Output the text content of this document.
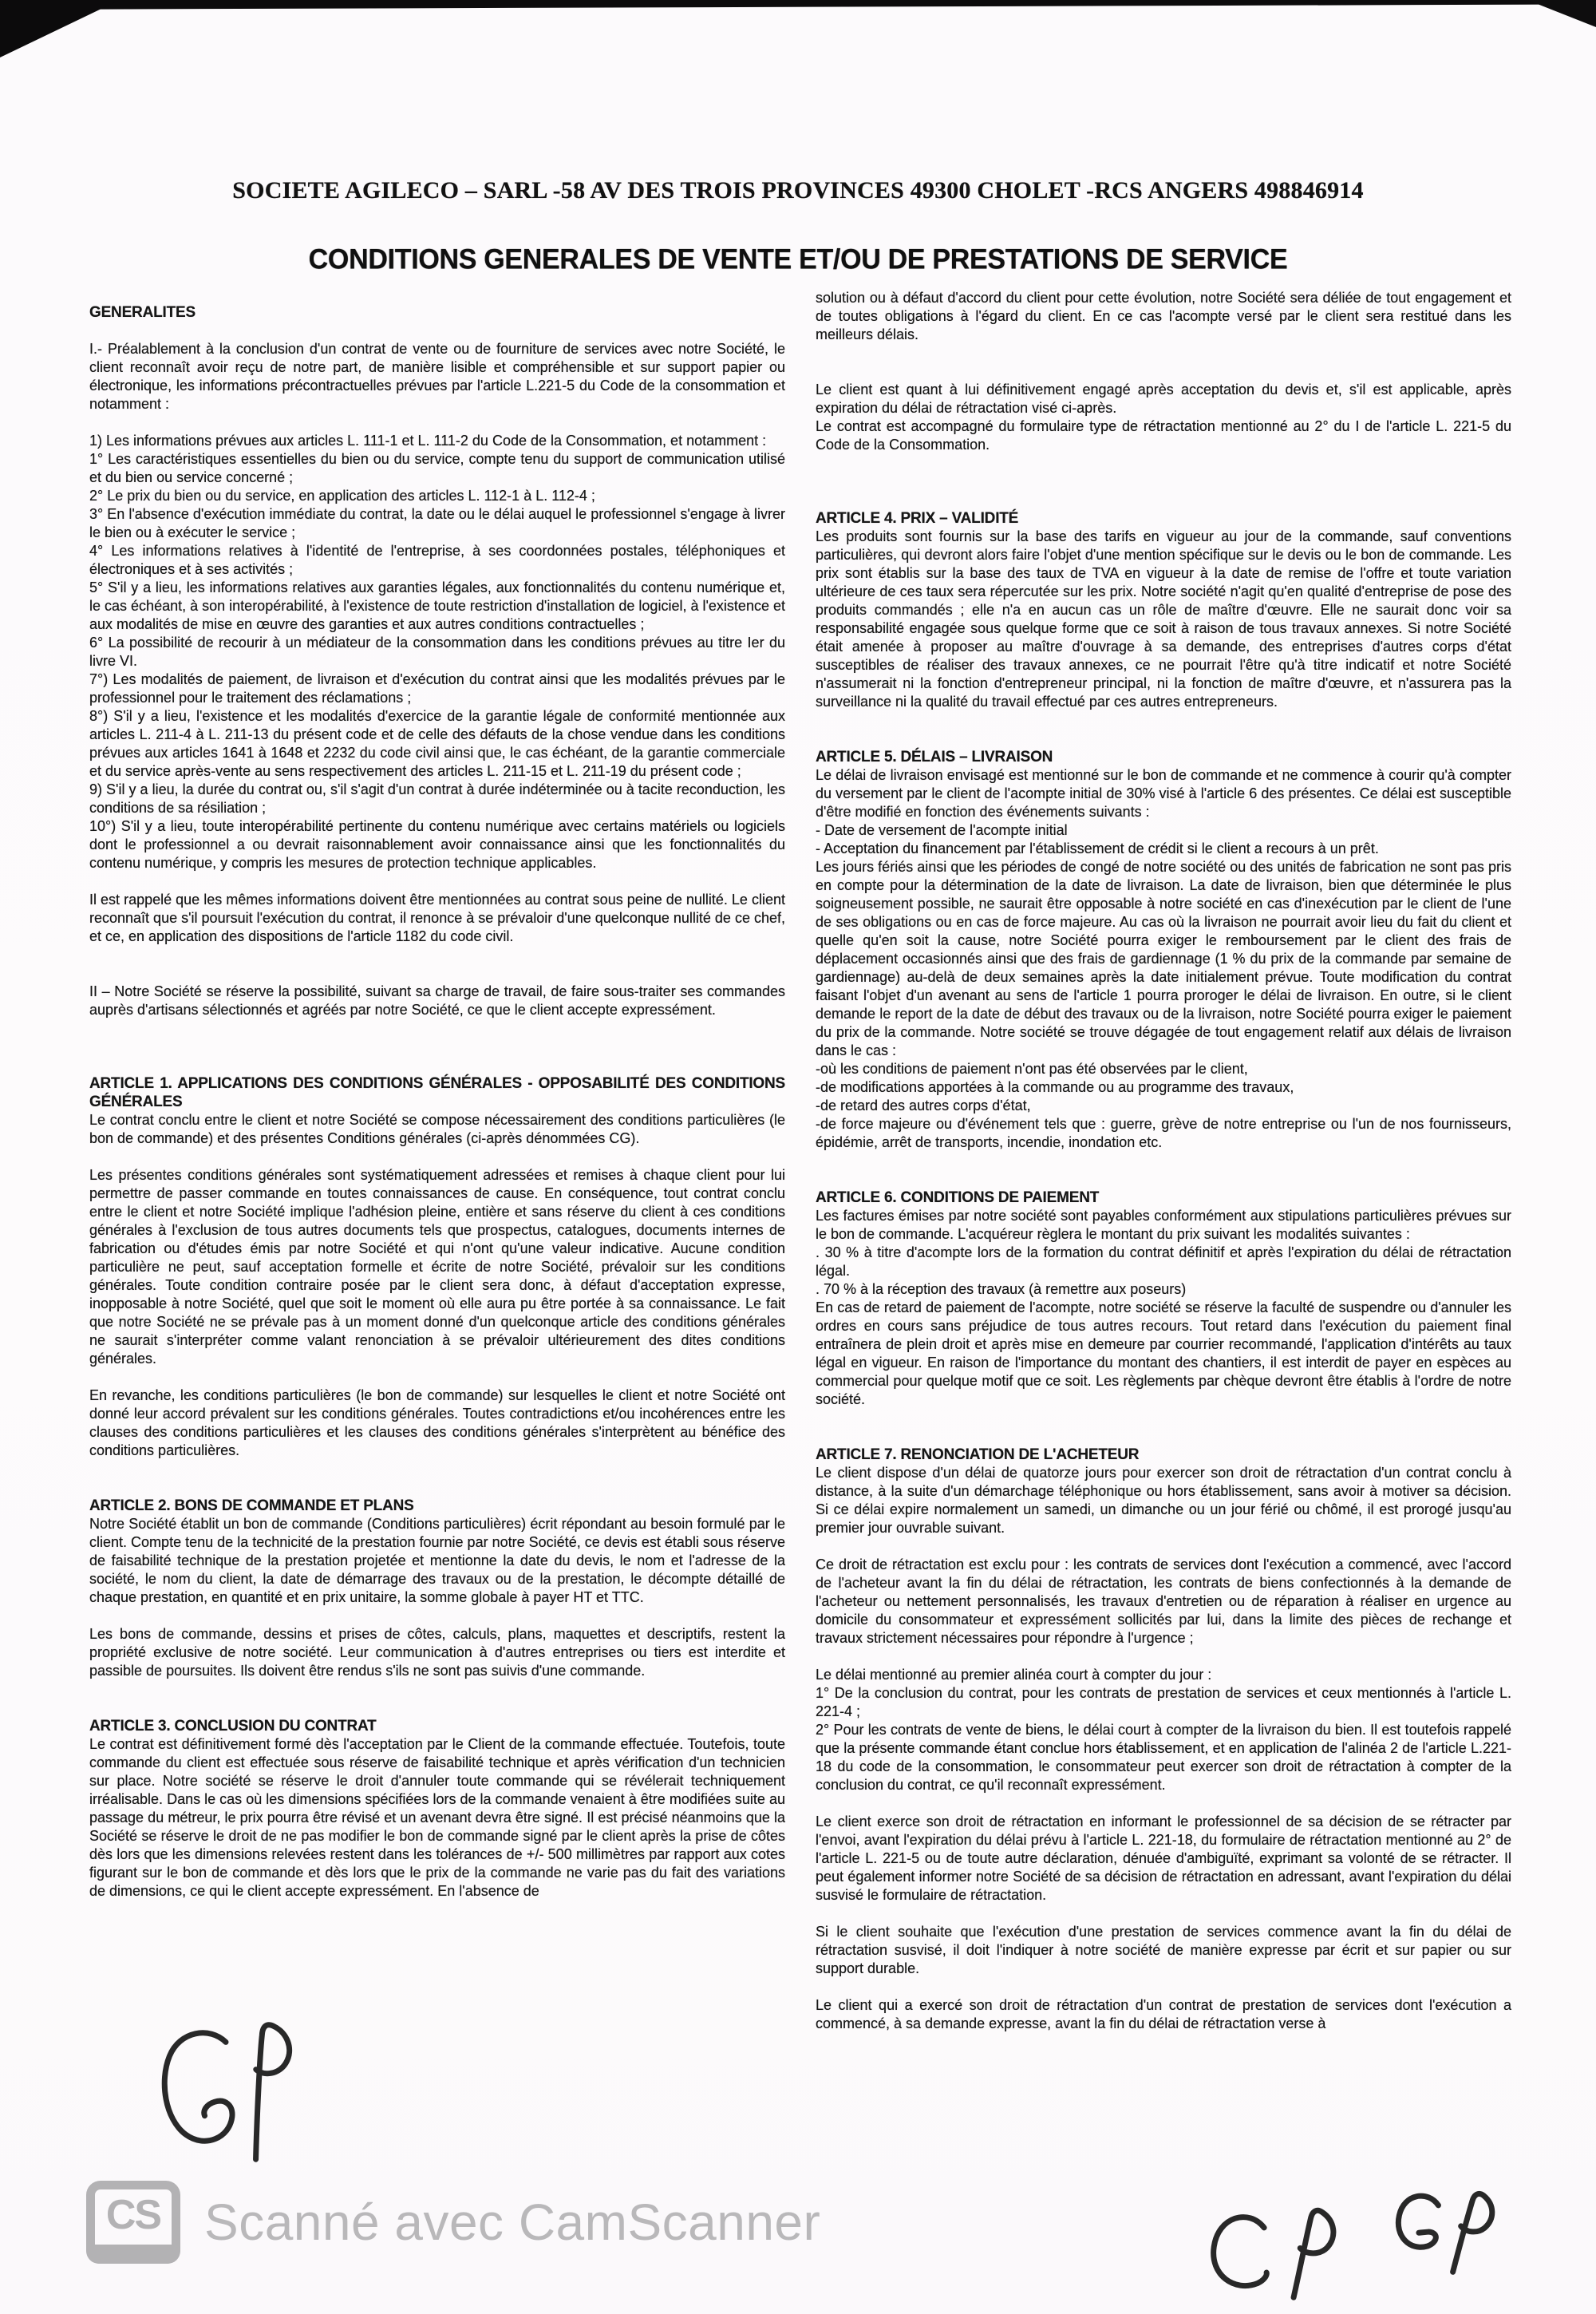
SOCIETE AGILECO – SARL -58 AV DES TROIS PROVINCES 49300 CHOLET -RCS ANGERS 498846914
CONDITIONS GENERALES DE VENTE ET/OU DE PRESTATIONS DE SERVICE
GENERALITES
I.- Préalablement à la conclusion d'un contrat de vente ou de fourniture de services avec notre Société, le client reconnaît avoir reçu de notre part, de manière lisible et compréhensible et sur support papier ou électronique, les informations précontractuelles prévues par l'article L.221-5 du Code de la consommation et notamment :
1) Les informations prévues aux articles L. 111-1 et L. 111-2 du Code de la Consommation, et notamment :
1° Les caractéristiques essentielles du bien ou du service, compte tenu du support de communication utilisé et du bien ou service concerné ;
2° Le prix du bien ou du service, en application des articles L. 112-1 à L. 112-4 ;
3° En l'absence d'exécution immédiate du contrat, la date ou le délai auquel le professionnel s'engage à livrer le bien ou à exécuter le service ;
4° Les informations relatives à l'identité de l'entreprise, à ses coordonnées postales, téléphoniques et électroniques et à ses activités ;
5° S'il y a lieu, les informations relatives aux garanties légales, aux fonctionnalités du contenu numérique et, le cas échéant, à son interopérabilité, à l'existence de toute restriction d'installation de logiciel, à l'existence et aux modalités de mise en œuvre des garanties et aux autres conditions contractuelles ;
6° La possibilité de recourir à un médiateur de la consommation dans les conditions prévues au titre Ier du livre VI.
7°) Les modalités de paiement, de livraison et d'exécution du contrat ainsi que les modalités prévues par le professionnel pour le traitement des réclamations ;
8°) S'il y a lieu, l'existence et les modalités d'exercice de la garantie légale de conformité mentionnée aux articles L. 211-4 à L. 211-13 du présent code et de celle des défauts de la chose vendue dans les conditions prévues aux articles 1641 à 1648 et 2232 du code civil ainsi que, le cas échéant, de la garantie commerciale et du service après-vente au sens respectivement des articles L. 211-15 et L. 211-19 du présent code ;
9) S'il y a lieu, la durée du contrat ou, s'il s'agit d'un contrat à durée indéterminée ou à tacite reconduction, les conditions de sa résiliation ;
10°) S'il y a lieu, toute interopérabilité pertinente du contenu numérique avec certains matériels ou logiciels dont le professionnel a ou devrait raisonnablement avoir connaissance ainsi que les fonctionnalités du contenu numérique, y compris les mesures de protection technique applicables.
Il est rappelé que les mêmes informations doivent être mentionnées au contrat sous peine de nullité. Le client reconnaît que s'il poursuit l'exécution du contrat, il renonce à se prévaloir d'une quelconque nullité de ce chef, et ce, en application des dispositions de l'article 1182 du code civil.
II – Notre Société se réserve la possibilité, suivant sa charge de travail, de faire sous-traiter ses commandes auprès d'artisans sélectionnés et agréés par notre Société, ce que le client accepte expressément.
ARTICLE 1. APPLICATIONS DES CONDITIONS GÉNÉRALES - OPPOSABILITÉ DES CONDITIONS GÉNÉRALES
Le contrat conclu entre le client et notre Société se compose nécessairement des conditions particulières (le bon de commande) et des présentes Conditions générales (ci-après dénommées CG).
Les présentes conditions générales sont systématiquement adressées et remises à chaque client pour lui permettre de passer commande en toutes connaissances de cause. En conséquence, tout contrat conclu entre le client et notre Société implique l'adhésion pleine, entière et sans réserve du client à ces conditions générales à l'exclusion de tous autres documents tels que prospectus, catalogues, documents internes de fabrication ou d'études émis par notre Société et qui n'ont qu'une valeur indicative. Aucune condition particulière ne peut, sauf acceptation formelle et écrite de notre Société, prévaloir sur les conditions générales. Toute condition contraire posée par le client sera donc, à défaut d'acceptation expresse, inopposable à notre Société, quel que soit le moment où elle aura pu être portée à sa connaissance. Le fait que notre Société ne se prévale pas à un moment donné d'un quelconque article des conditions générales ne saurait s'interpréter comme valant renonciation à se prévaloir ultérieurement des dites conditions générales.
En revanche, les conditions particulières (le bon de commande) sur lesquelles le client et notre Société ont donné leur accord prévalent sur les conditions générales. Toutes contradictions et/ou incohérences entre les clauses des conditions particulières et les clauses des conditions générales s'interprètent au bénéfice des conditions particulières.
ARTICLE 2. BONS DE COMMANDE ET PLANS
Notre Société établit un bon de commande (Conditions particulières) écrit répondant au besoin formulé par le client. Compte tenu de la technicité de la prestation fournie par notre Société, ce devis est établi sous réserve de faisabilité technique de la prestation projetée et mentionne la date du devis, le nom et l'adresse de la société, le nom du client, la date de démarrage des travaux ou de la prestation, le décompte détaillé de chaque prestation, en quantité et en prix unitaire, la somme globale à payer HT et TTC.
Les bons de commande, dessins et prises de côtes, calculs, plans, maquettes et descriptifs, restent la propriété exclusive de notre société. Leur communication à d'autres entreprises ou tiers est interdite et passible de poursuites. Ils doivent être rendus s'ils ne sont pas suivis d'une commande.
ARTICLE 3. CONCLUSION DU CONTRAT
Le contrat est définitivement formé dès l'acceptation par le Client de la commande effectuée. Toutefois, toute commande du client est effectuée sous réserve de faisabilité technique et après vérification d'un technicien sur place. Notre société se réserve le droit d'annuler toute commande qui se révélerait techniquement irréalisable. Dans le cas où les dimensions spécifiées lors de la commande venaient à être modifiées suite au passage du métreur, le prix pourra être révisé et un avenant devra être signé. Il est précisé néanmoins que la Société se réserve le droit de ne pas modifier le bon de commande signé par le client après la prise de côtes dès lors que les dimensions relevées restent dans les tolérances de +/- 500 millimètres par rapport aux cotes figurant sur le bon de commande et dès lors que le prix de la commande ne varie pas du fait des variations de dimensions, ce qui le client accepte expressément. En l'absence de
solution ou à défaut d'accord du client pour cette évolution, notre Société sera déliée de tout engagement et de toutes obligations à l'égard du client. En ce cas l'acompte versé par le client sera restitué dans les meilleurs délais.
Le client est quant à lui définitivement engagé après acceptation du devis et, s'il est applicable, après expiration du délai de rétractation visé ci-après.
Le contrat est accompagné du formulaire type de rétractation mentionné au 2° du I de l'article L. 221-5 du Code de la Consommation.
ARTICLE 4. PRIX – VALIDITÉ
Les produits sont fournis sur la base des tarifs en vigueur au jour de la commande, sauf conventions particulières, qui devront alors faire l'objet d'une mention spécifique sur le devis ou le bon de commande. Les prix sont établis sur la base des taux de TVA en vigueur à la date de remise de l'offre et toute variation ultérieure de ces taux sera répercutée sur les prix. Notre société n'agit qu'en qualité d'entreprise de pose des produits commandés ; elle n'a en aucun cas un rôle de maître d'œuvre. Elle ne saurait donc voir sa responsabilité engagée sous quelque forme que ce soit à raison de tous travaux annexes. Si notre Société était amenée à proposer au maître d'ouvrage à sa demande, des entreprises d'autres corps d'état susceptibles de réaliser des travaux annexes, ce ne pourrait l'être qu'à titre indicatif et notre Société n'assumerait ni la fonction d'entrepreneur principal, ni la fonction de maître d'œuvre, et n'assurera pas la surveillance ni la qualité du travail effectué par ces autres entrepreneurs.
ARTICLE 5. DÉLAIS – LIVRAISON
Le délai de livraison envisagé est mentionné sur le bon de commande et ne commence à courir qu'à compter du versement par le client de l'acompte initial de 30% visé à l'article 6 des présentes. Ce délai est susceptible d'être modifié en fonction des événements suivants :
- Date de versement de l'acompte initial
- Acceptation du financement par l'établissement de crédit si le client a recours à un prêt.
Les jours fériés ainsi que les périodes de congé de notre société ou des unités de fabrication ne sont pas pris en compte pour la détermination de la date de livraison. La date de livraison, bien que déterminée le plus soigneusement possible, ne saurait être opposable à notre société en cas d'inexécution par le client de l'une de ses obligations ou en cas de force majeure. Au cas où la livraison ne pourrait avoir lieu du fait du client et quelle qu'en soit la cause, notre Société pourra exiger le remboursement par le client des frais de déplacement occasionnés ainsi que des frais de gardiennage (1 % du prix de la commande par semaine de gardiennage) au-delà de deux semaines après la date initialement prévue. Toute modification du contrat faisant l'objet d'un avenant au sens de l'article 1 pourra proroger le délai de livraison. En outre, si le client demande le report de la date de début des travaux ou de la livraison, notre Société pourra exiger le paiement du prix de la commande. Notre société se trouve dégagée de tout engagement relatif aux délais de livraison dans le cas :
-où les conditions de paiement n'ont pas été observées par le client,
-de modifications apportées à la commande ou au programme des travaux,
-de retard des autres corps d'état,
-de force majeure ou d'événement tels que : guerre, grève de notre entreprise ou l'un de nos fournisseurs, épidémie, arrêt de transports, incendie, inondation etc.
ARTICLE 6. CONDITIONS DE PAIEMENT
Les factures émises par notre société sont payables conformément aux stipulations particulières prévues sur le bon de commande. L'acquéreur règlera le montant du prix suivant les modalités suivantes :
. 30 % à titre d'acompte lors de la formation du contrat définitif et après l'expiration du délai de rétractation légal.
. 70 % à la réception des travaux (à remettre aux poseurs)
En cas de retard de paiement de l'acompte, notre société se réserve la faculté de suspendre ou d'annuler les ordres en cours sans préjudice de tous autres recours. Tout retard dans l'exécution du paiement final entraînera de plein droit et après mise en demeure par courrier recommandé, l'application d'intérêts au taux légal en vigueur. En raison de l'importance du montant des chantiers, il est interdit de payer en espèces au commercial pour quelque motif que ce soit. Les règlements par chèque devront être établis à l'ordre de notre société.
ARTICLE 7. RENONCIATION DE L'ACHETEUR
Le client dispose d'un délai de quatorze jours pour exercer son droit de rétractation d'un contrat conclu à distance, à la suite d'un démarchage téléphonique ou hors établissement, sans avoir à motiver sa décision. Si ce délai expire normalement un samedi, un dimanche ou un jour férié ou chômé, il est prorogé jusqu'au premier jour ouvrable suivant.
Ce droit de rétractation est exclu pour : les contrats de services dont l'exécution a commencé, avec l'accord de l'acheteur avant la fin du délai de rétractation, les contrats de biens confectionnés à la demande de l'acheteur ou nettement personnalisés, les travaux d'entretien ou de réparation à réaliser en urgence au domicile du consommateur et expressément sollicités par lui, dans la limite des pièces de rechange et travaux strictement nécessaires pour répondre à l'urgence ;
Le délai mentionné au premier alinéa court à compter du jour :
1° De la conclusion du contrat, pour les contrats de prestation de services et ceux mentionnés à l'article L. 221-4 ;
2° Pour les contrats de vente de biens, le délai court à compter de la livraison du bien. Il est toutefois rappelé que la présente commande étant conclue hors établissement, et en application de l'alinéa 2 de l'article L.221-18 du code de la consommation, le consommateur peut exercer son droit de rétractation à compter de la conclusion du contrat, ce qu'il reconnaît expressément.
Le client exerce son droit de rétractation en informant le professionnel de sa décision de se rétracter par l'envoi, avant l'expiration du délai prévu à l'article L. 221-18, du formulaire de rétractation mentionné au 2° de l'article L. 221-5 ou de toute autre déclaration, dénuée d'ambiguïté, exprimant sa volonté de se rétracter. Il peut également informer notre Société de sa décision de rétractation en adressant, avant l'expiration du délai susvisé le formulaire de rétractation.
Si le client souhaite que l'exécution d'une prestation de services commence avant la fin du délai de rétractation susvisé, il doit l'indiquer à notre société de manière expresse par écrit et sur papier ou sur support durable.
Le client qui a exercé son droit de rétractation d'un contrat de prestation de services dont l'exécution a commencé, à sa demande expresse, avant la fin du délai de rétractation verse à
CS Scanné avec CamScanner
